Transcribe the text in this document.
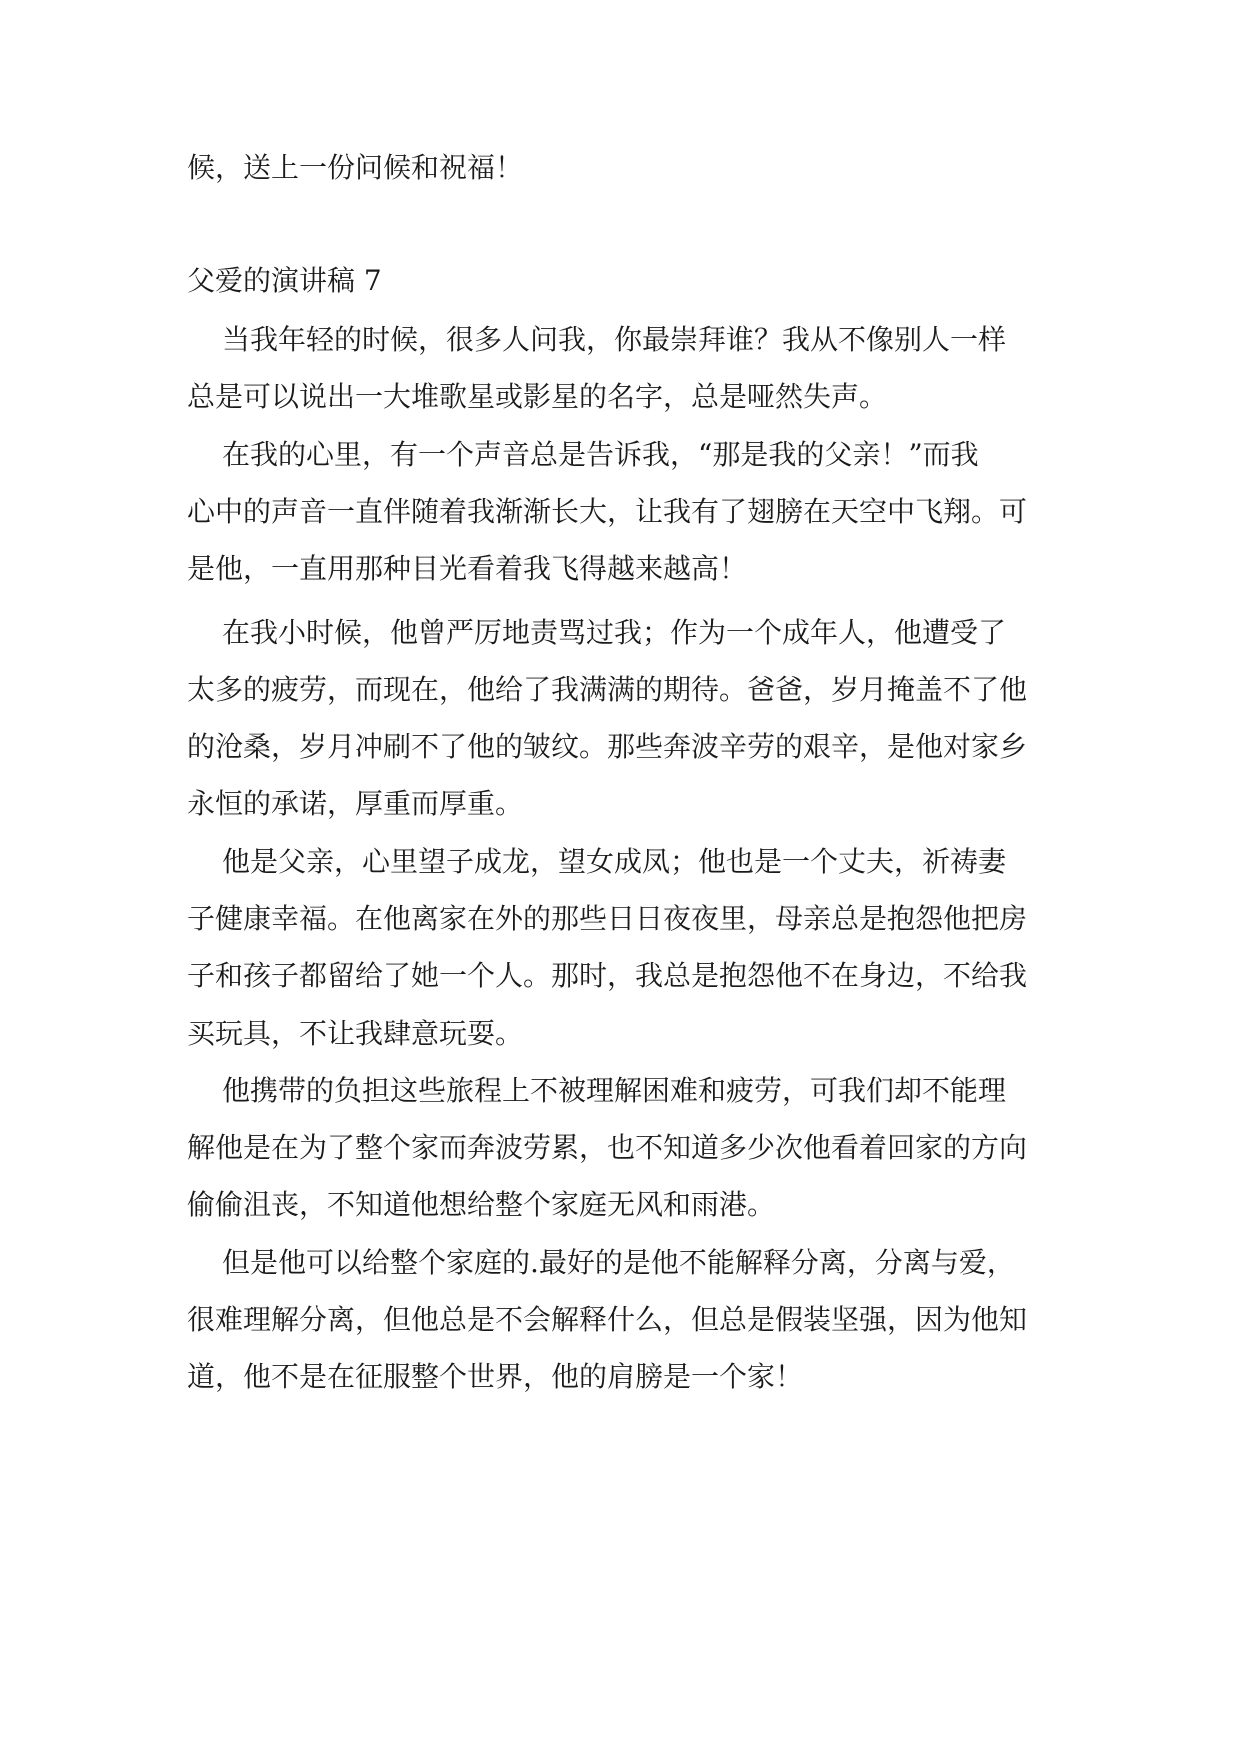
候，送上一份问候和祝福！
父爱的演讲稿 7
当我年轻的时候，很多人问我，你最崇拜谁？我从不像别人一样
总是可以说出一大堆歌星或影星的名字，总是哑然失声。
在我的心里，有一个声音总是告诉我，“那是我的父亲！”而我
心中的声音一直伴随着我渐渐长大，让我有了翅膀在天空中飞翔。可
是他，一直用那种目光看着我飞得越来越高！
在我小时候，他曾严厉地责骂过我；作为一个成年人，他遭受了
太多的疲劳，而现在，他给了我满满的期待。爸爸，岁月掩盖不了他
的沧桑，岁月冲刷不了他的皱纹。那些奔波辛劳的艰辛，是他对家乡
永恒的承诺，厚重而厚重。
他是父亲，心里望子成龙，望女成凤；他也是一个丈夫，祈祷妻
子健康幸福。在他离家在外的那些日日夜夜里，母亲总是抱怨他把房
子和孩子都留给了她一个人。那时，我总是抱怨他不在身边，不给我
买玩具，不让我肆意玩耍。
他携带的负担这些旅程上不被理解困难和疲劳，可我们却不能理
解他是在为了整个家而奔波劳累，也不知道多少次他看着回家的方向
偷偷沮丧，不知道他想给整个家庭无风和雨港。
但是他可以给整个家庭的.最好的是他不能解释分离，分离与爱，
很难理解分离，但他总是不会解释什么，但总是假装坚强，因为他知
道，他不是在征服整个世界，他的肩膀是一个家！
